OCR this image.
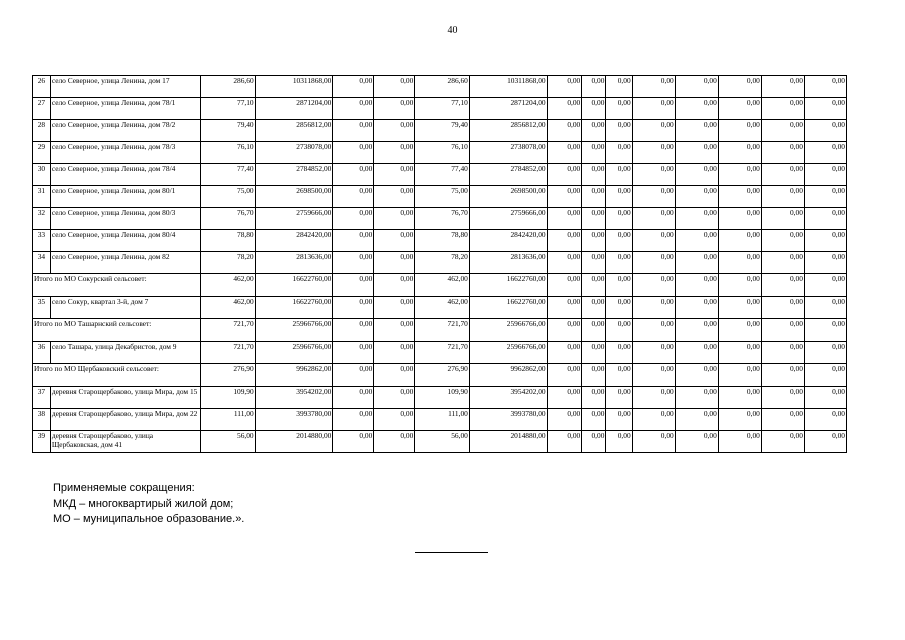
40
26	село Северное, улица Ленина, дом 17	286,60	10311868,00	0,00	0,00	286,60	10311868,00	0,00	0,00	0,00	0,00	0,00	0,00	0,00	0,00
27	село Северное, улица Ленина, дом 78/1	77,10	2871204,00	0,00	0,00	77,10	2871204,00	0,00	0,00	0,00	0,00	0,00	0,00	0,00	0,00
28	село Северное, улица Ленина, дом 78/2	79,40	2856812,00	0,00	0,00	79,40	2856812,00	0,00	0,00	0,00	0,00	0,00	0,00	0,00	0,00
29	село Северное, улица Ленина, дом 78/3	76,10	2738078,00	0,00	0,00	76,10	2738078,00	0,00	0,00	0,00	0,00	0,00	0,00	0,00	0,00
30	село Северное, улица Ленина, дом 78/4	77,40	2784852,00	0,00	0,00	77,40	2784852,00	0,00	0,00	0,00	0,00	0,00	0,00	0,00	0,00
31	село Северное, улица Ленина, дом 80/1	75,00	2698500,00	0,00	0,00	75,00	2698500,00	0,00	0,00	0,00	0,00	0,00	0,00	0,00	0,00
32	село Северное, улица Ленина, дом 80/3	76,70	2759666,00	0,00	0,00	76,70	2759666,00	0,00	0,00	0,00	0,00	0,00	0,00	0,00	0,00
33	село Северное, улица Ленина, дом 80/4	78,80	2842420,00	0,00	0,00	78,80	2842420,00	0,00	0,00	0,00	0,00	0,00	0,00	0,00	0,00
34	село Северное, улица Ленина, дом 82	78,20	2813636,00	0,00	0,00	78,20	2813636,00	0,00	0,00	0,00	0,00	0,00	0,00	0,00	0,00
Итого по МО Сокурский сельсовет:		462,00	16622760,00	0,00	0,00	462,00	16622760,00	0,00	0,00	0,00	0,00	0,00	0,00	0,00	0,00
35	село Сокур, квартал 3-й, дом 7	462,00	16622760,00	0,00	0,00	462,00	16622760,00	0,00	0,00	0,00	0,00	0,00	0,00	0,00	0,00
Итого по МО Ташарнский сельсовет:		721,70	25966766,00	0,00	0,00	721,70	25966766,00	0,00	0,00	0,00	0,00	0,00	0,00	0,00	0,00
36	село Ташара, улица Декабристов, дом 9	721,70	25966766,00	0,00	0,00	721,70	25966766,00	0,00	0,00	0,00	0,00	0,00	0,00	0,00	0,00
Итого по МО Щербаковский сельсовет:		276,90	9962862,00	0,00	0,00	276,90	9962862,00	0,00	0,00	0,00	0,00	0,00	0,00	0,00	0,00
37	деревня Старощербаково, улица Мира, дом 15	109,90	3954202,00	0,00	0,00	109,90	3954202,00	0,00	0,00	0,00	0,00	0,00	0,00	0,00	0,00
38	деревня Старощербаково, улица Мира, дом 22	111,00	3993780,00	0,00	0,00	111,00	3993780,00	0,00	0,00	0,00	0,00	0,00	0,00	0,00	0,00
39	деревня Старощербаково, улица Щербаковская, дом 41	56,00	2014880,00	0,00	0,00	56,00	2014880,00	0,00	0,00	0,00	0,00	0,00	0,00	0,00	0,00
Применяемые сокращения:
МКД – многоквартирый жилой дом;
МО – муниципальное образование.».
